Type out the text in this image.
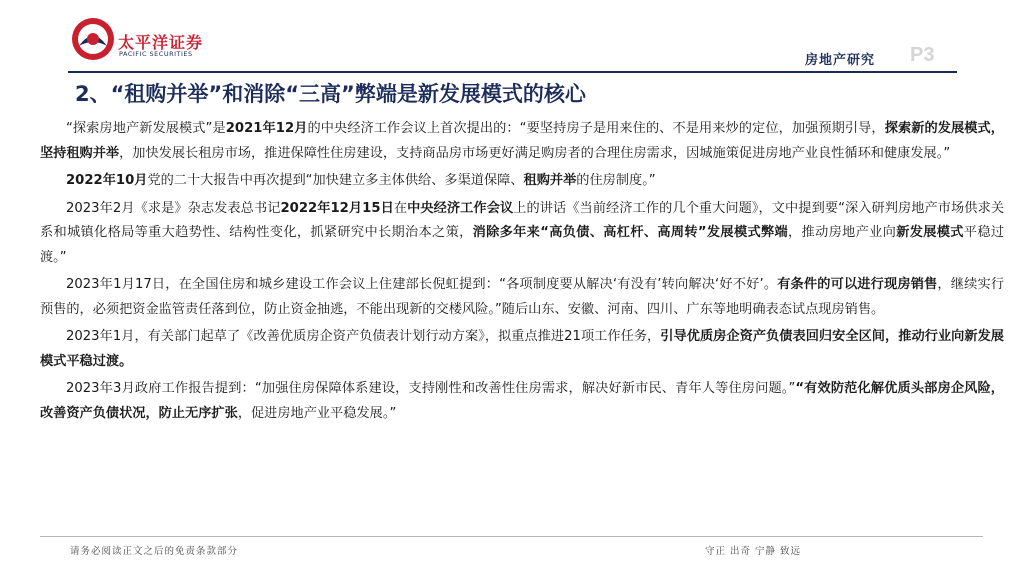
太平洋证券
PACIFIC SECURITIES	房地产研究 P3
2、“租购并举”和消除“三高”弊端是新发展模式的核心

“探索房地产新发展模式”是2021年12月的中央经济工作会议上首次提出的：“要坚持房子是用来住的、不是用来炒的定位，加强预期引导，探索新的发展模式，坚持租购并举，加快发展长租房市场，推进保障性住房建设，支持商品房市场更好满足购房者的合理住房需求，因城施策促进房地产业良性循环和健康发展。”

2022年10月党的二十大报告中再次提到“加快建立多主体供给、多渠道保障、租购并举的住房制度。”

2023年2月《求是》杂志发表总书记2022年12月15日在中央经济工作会议上的讲话《当前经济工作的几个重大问题》，文中提到要“深入研判房地产市场供求关系和城镇化格局等重大趋势性、结构性变化，抓紧研究中长期治本之策，消除多年来“高负债、高杠杆、高周转”发展模式弊端，推动房地产业向新发展模式平稳过渡。”

2023年1月17日，在全国住房和城乡建设工作会议上住建部长倪虹提到：“各项制度要从解决‘有没有’转向解决‘好不好’。有条件的可以进行现房销售，继续实行预售的，必须把资金监管责任落到位，防止资金抽逃，不能出现新的交楼风险。”随后山东、安徽、河南、四川、广东等地明确表态试点现房销售。

2023年1月，有关部门起草了《改善优质房企资产负债表计划行动方案》，拟重点推进21项工作任务，引导优质房企资产负债表回归安全区间，推动行业向新发展模式平稳过渡。

2023年3月政府工作报告提到：“加强住房保障体系建设，支持刚性和改善性住房需求，解决好新市民、青年人等住房问题。”“有效防范化解优质头部房企风险，改善资产负债状况，防止无序扩张，促进房地产业平稳发展。”

请务必阅读正文之后的免责条款部分	守正 出奇 宁静 致远
